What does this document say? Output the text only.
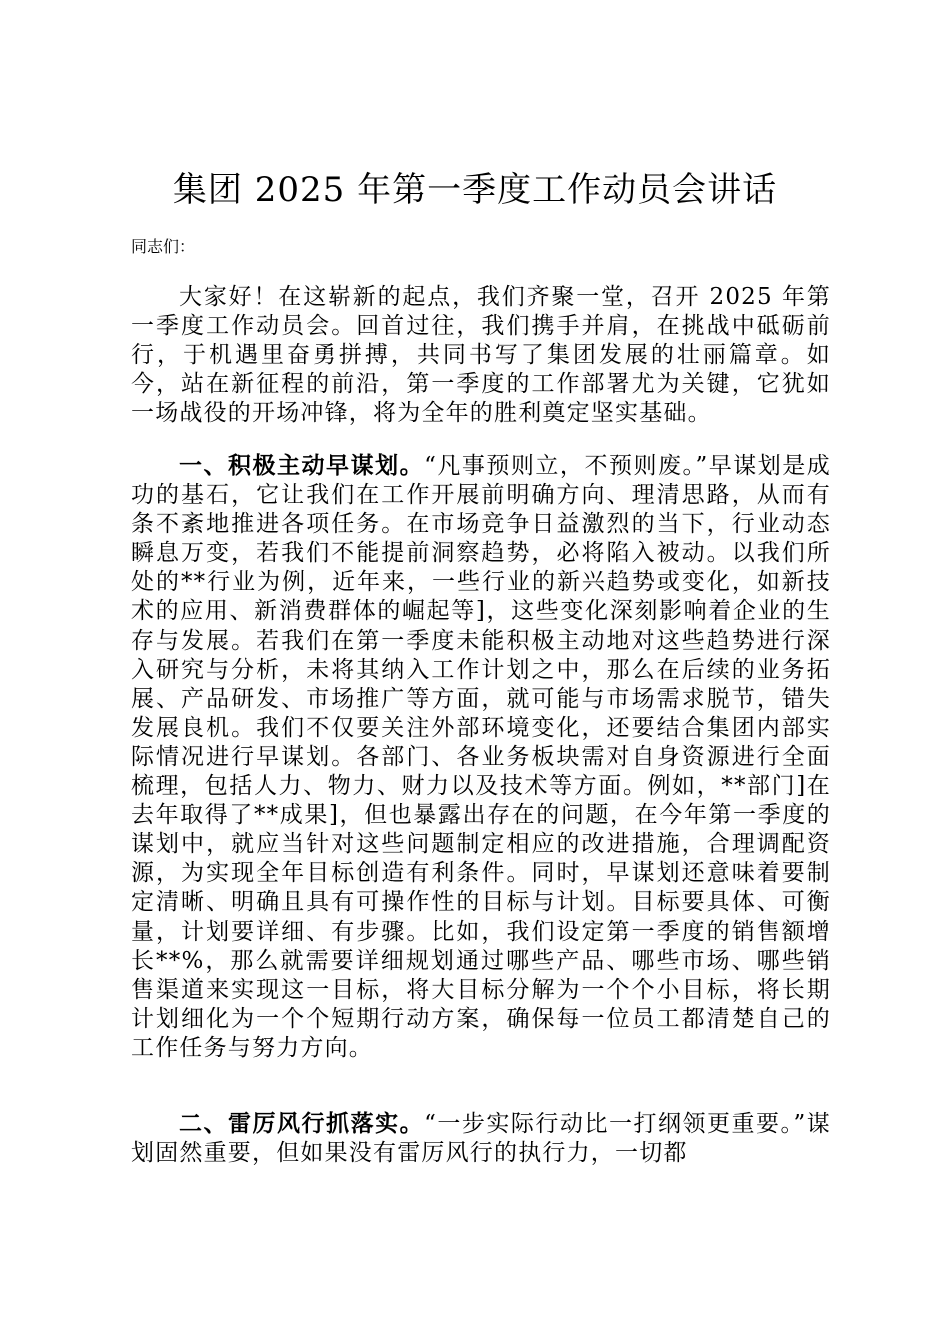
集团 2025 年第一季度工作动员会讲话
同志们：

大家好！在这崭新的起点，我们齐聚一堂，召开 2025 年第一季度工作动员会。回首过往，我们携手并肩，在挑战中砥砺前行，于机遇里奋勇拼搏，共同书写了集团发展的壮丽篇章。如今，站在新征程的前沿，第一季度的工作部署尤为关键，它犹如一场战役的开场冲锋，将为全年的胜利奠定坚实基础。

一、积极主动早谋划。“凡事预则立，不预则废。”早谋划是成功的基石，它让我们在工作开展前明确方向、理清思路，从而有条不紊地推进各项任务。在市场竞争日益激烈的当下，行业动态瞬息万变，若我们不能提前洞察趋势，必将陷入被动。以我们所处的**行业为例，近年来，一些行业的新兴趋势或变化，如新技术的应用、新消费群体的崛起等]，这些变化深刻影响着企业的生存与发展。若我们在第一季度未能积极主动地对这些趋势进行深入研究与分析，未将其纳入工作计划之中，那么在后续的业务拓展、产品研发、市场推广等方面，就可能与市场需求脱节，错失发展良机。我们不仅要关注外部环境变化，还要结合集团内部实际情况进行早谋划。各部门、各业务板块需对自身资源进行全面梳理，包括人力、物力、财力以及技术等方面。例如，**部门]在去年取得了**成果]，但也暴露出存在的问题，在今年第一季度的谋划中，就应当针对这些问题制定相应的改进措施，合理调配资源，为实现全年目标创造有利条件。同时，早谋划还意味着要制定清晰、明确且具有可操作性的目标与计划。目标要具体、可衡量，计划要详细、有步骤。比如，我们设定第一季度的销售额增长**%，那么就需要详细规划通过哪些产品、哪些市场、哪些销售渠道来实现这一目标，将大目标分解为一个个小目标，将长期计划细化为一个个短期行动方案，确保每一位员工都清楚自己的工作任务与努力方向。

二、雷厉风行抓落实。“一步实际行动比一打纲领更重要。”谋划固然重要，但如果没有雷厉风行的执行力，一切都
